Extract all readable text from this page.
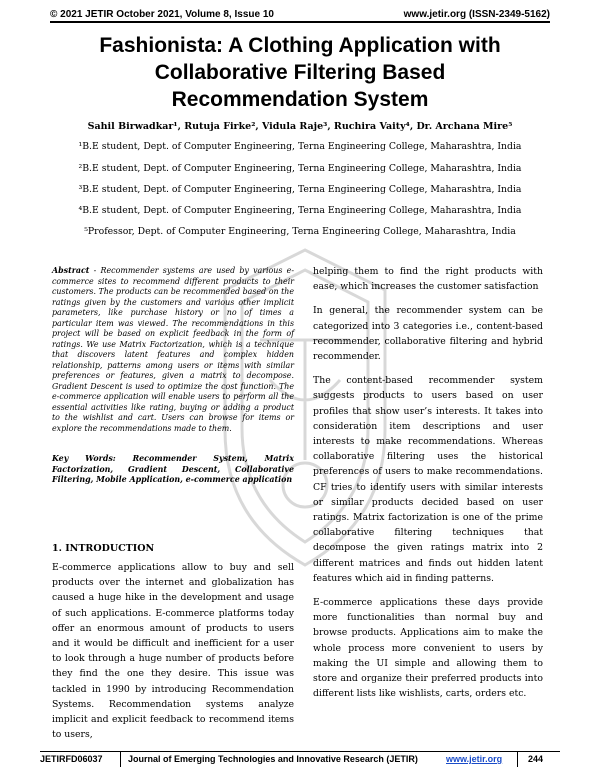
© 2021 JETIR October 2021, Volume 8, Issue 10	www.jetir.org (ISSN-2349-5162)
Fashionista: A Clothing Application with
Collaborative Filtering Based
Recommendation System
Sahil Birwadkar¹, Rutuja Firke², Vidula Raje³, Ruchira Vaity⁴, Dr. Archana Mire⁵
¹B.E student, Dept. of Computer Engineering, Terna Engineering College, Maharashtra, India
²B.E student, Dept. of Computer Engineering, Terna Engineering College, Maharashtra, India
³B.E student, Dept. of Computer Engineering, Terna Engineering College, Maharashtra, India
⁴B.E student, Dept. of Computer Engineering, Terna Engineering College, Maharashtra, India
⁵Professor, Dept. of Computer Engineering, Terna Engineering College, Maharashtra, India
Abstract - Recommender systems are used by various e-commerce sites to recommend different products to their customers. The products can be recommended based on the ratings given by the customers and various other implicit parameters, like purchase history or no of times a particular item was viewed. The recommendations in this project will be based on explicit feedback in the form of ratings. We use Matrix Factorization, which is a technique that discovers latent features and complex hidden relationship, patterns among users or items with similar preferences or features, given a matrix to decompose. Gradient Descent is used to optimize the cost function. The e-commerce application will enable users to perform all the essential activities like rating, buying or adding a product to the wishlist and cart. Users can browse for items or explore the recommendations made to them.
Key Words: Recommender System, Matrix Factorization, Gradient Descent, Collaborative Filtering, Mobile Application, e-commerce application
1. INTRODUCTION

E-commerce applications allow to buy and sell products over the internet and globalization has caused a huge hike in the development and usage of such applications. E-commerce platforms today offer an enormous amount of products to users and it would be difficult and inefficient for a user to look through a huge number of products before they find the one they desire. This issue was tackled in 1990 by introducing Recommendation Systems. Recommendation systems analyze implicit and explicit feedback to recommend items to users,

helping them to find the right products with ease, which increases the customer satisfaction

In general, the recommender system can be categorized into 3 categories i.e., content-based recommender, collaborative filtering and hybrid recommender.

The content-based recommender system suggests products to users based on user profiles that show user’s interests. It takes into consideration item descriptions and user interests to make recommendations. Whereas collaborative filtering uses the historical preferences of users to make recommendations. CF tries to identify users with similar interests or similar products decided based on user ratings. Matrix factorization is one of the prime collaborative filtering techniques that decompose the given ratings matrix into 2 different matrices and finds out hidden latent features which aid in finding patterns.

E-commerce applications these days provide more functionalities than normal buy and browse products. Applications aim to make the whole process more convenient to users by making the UI simple and allowing them to store and organize their preferred products into different lists like wishlists, carts, orders etc.

JETIRFD06037	Journal of Emerging Technologies and Innovative Research (JETIR)	www.jetir.org	244
